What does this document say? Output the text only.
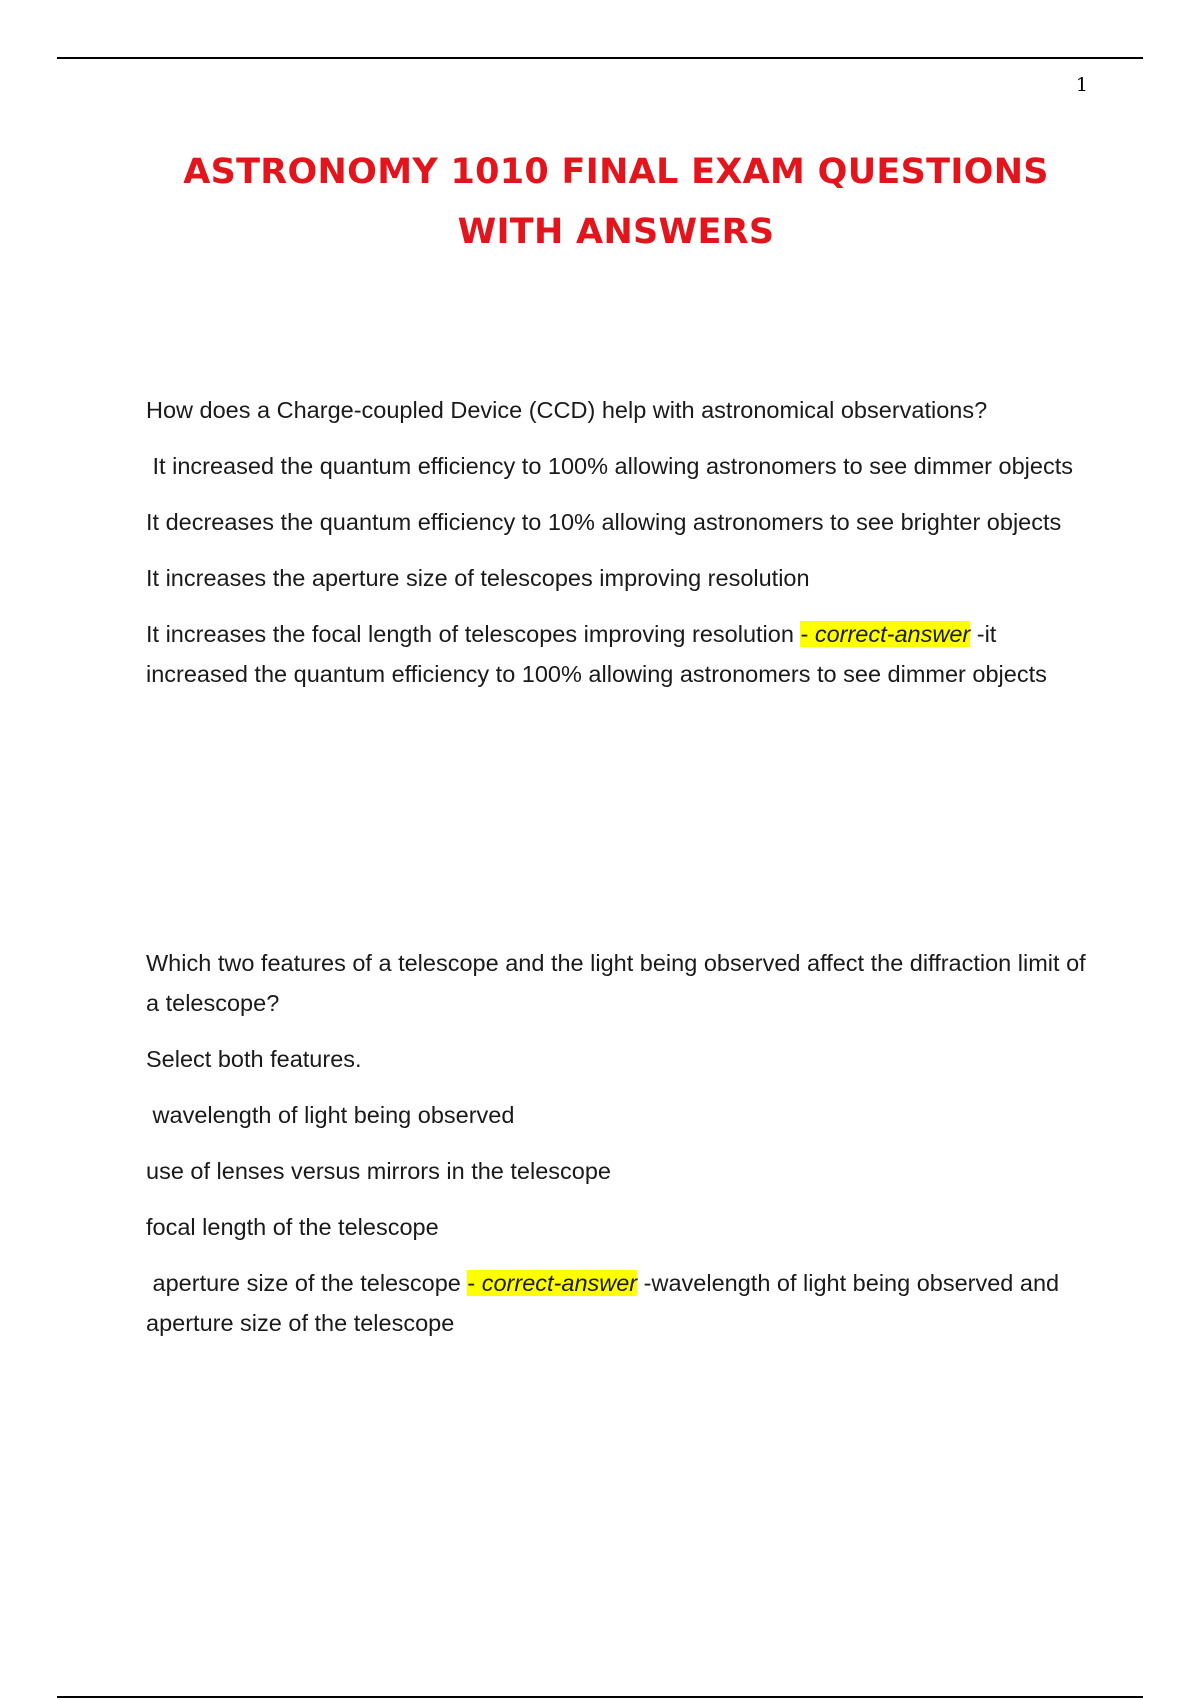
1
ASTRONOMY 1010 FINAL EXAM QUESTIONS
WITH ANSWERS

How does a Charge-coupled Device (CCD) help with astronomical observations?

It increased the quantum efficiency to 100% allowing astronomers to see dimmer objects

It decreases the quantum efficiency to 10% allowing astronomers to see brighter objects

It increases the aperture size of telescopes improving resolution

It increases the focal length of telescopes improving resolution - correct-answer -it increased the quantum efficiency to 100% allowing astronomers to see dimmer objects

Which two features of a telescope and the light being observed affect the diffraction limit of a telescope?

Select both features.

wavelength of light being observed

use of lenses versus mirrors in the telescope

focal length of the telescope

aperture size of the telescope - correct-answer -wavelength of light being observed and aperture size of the telescope
